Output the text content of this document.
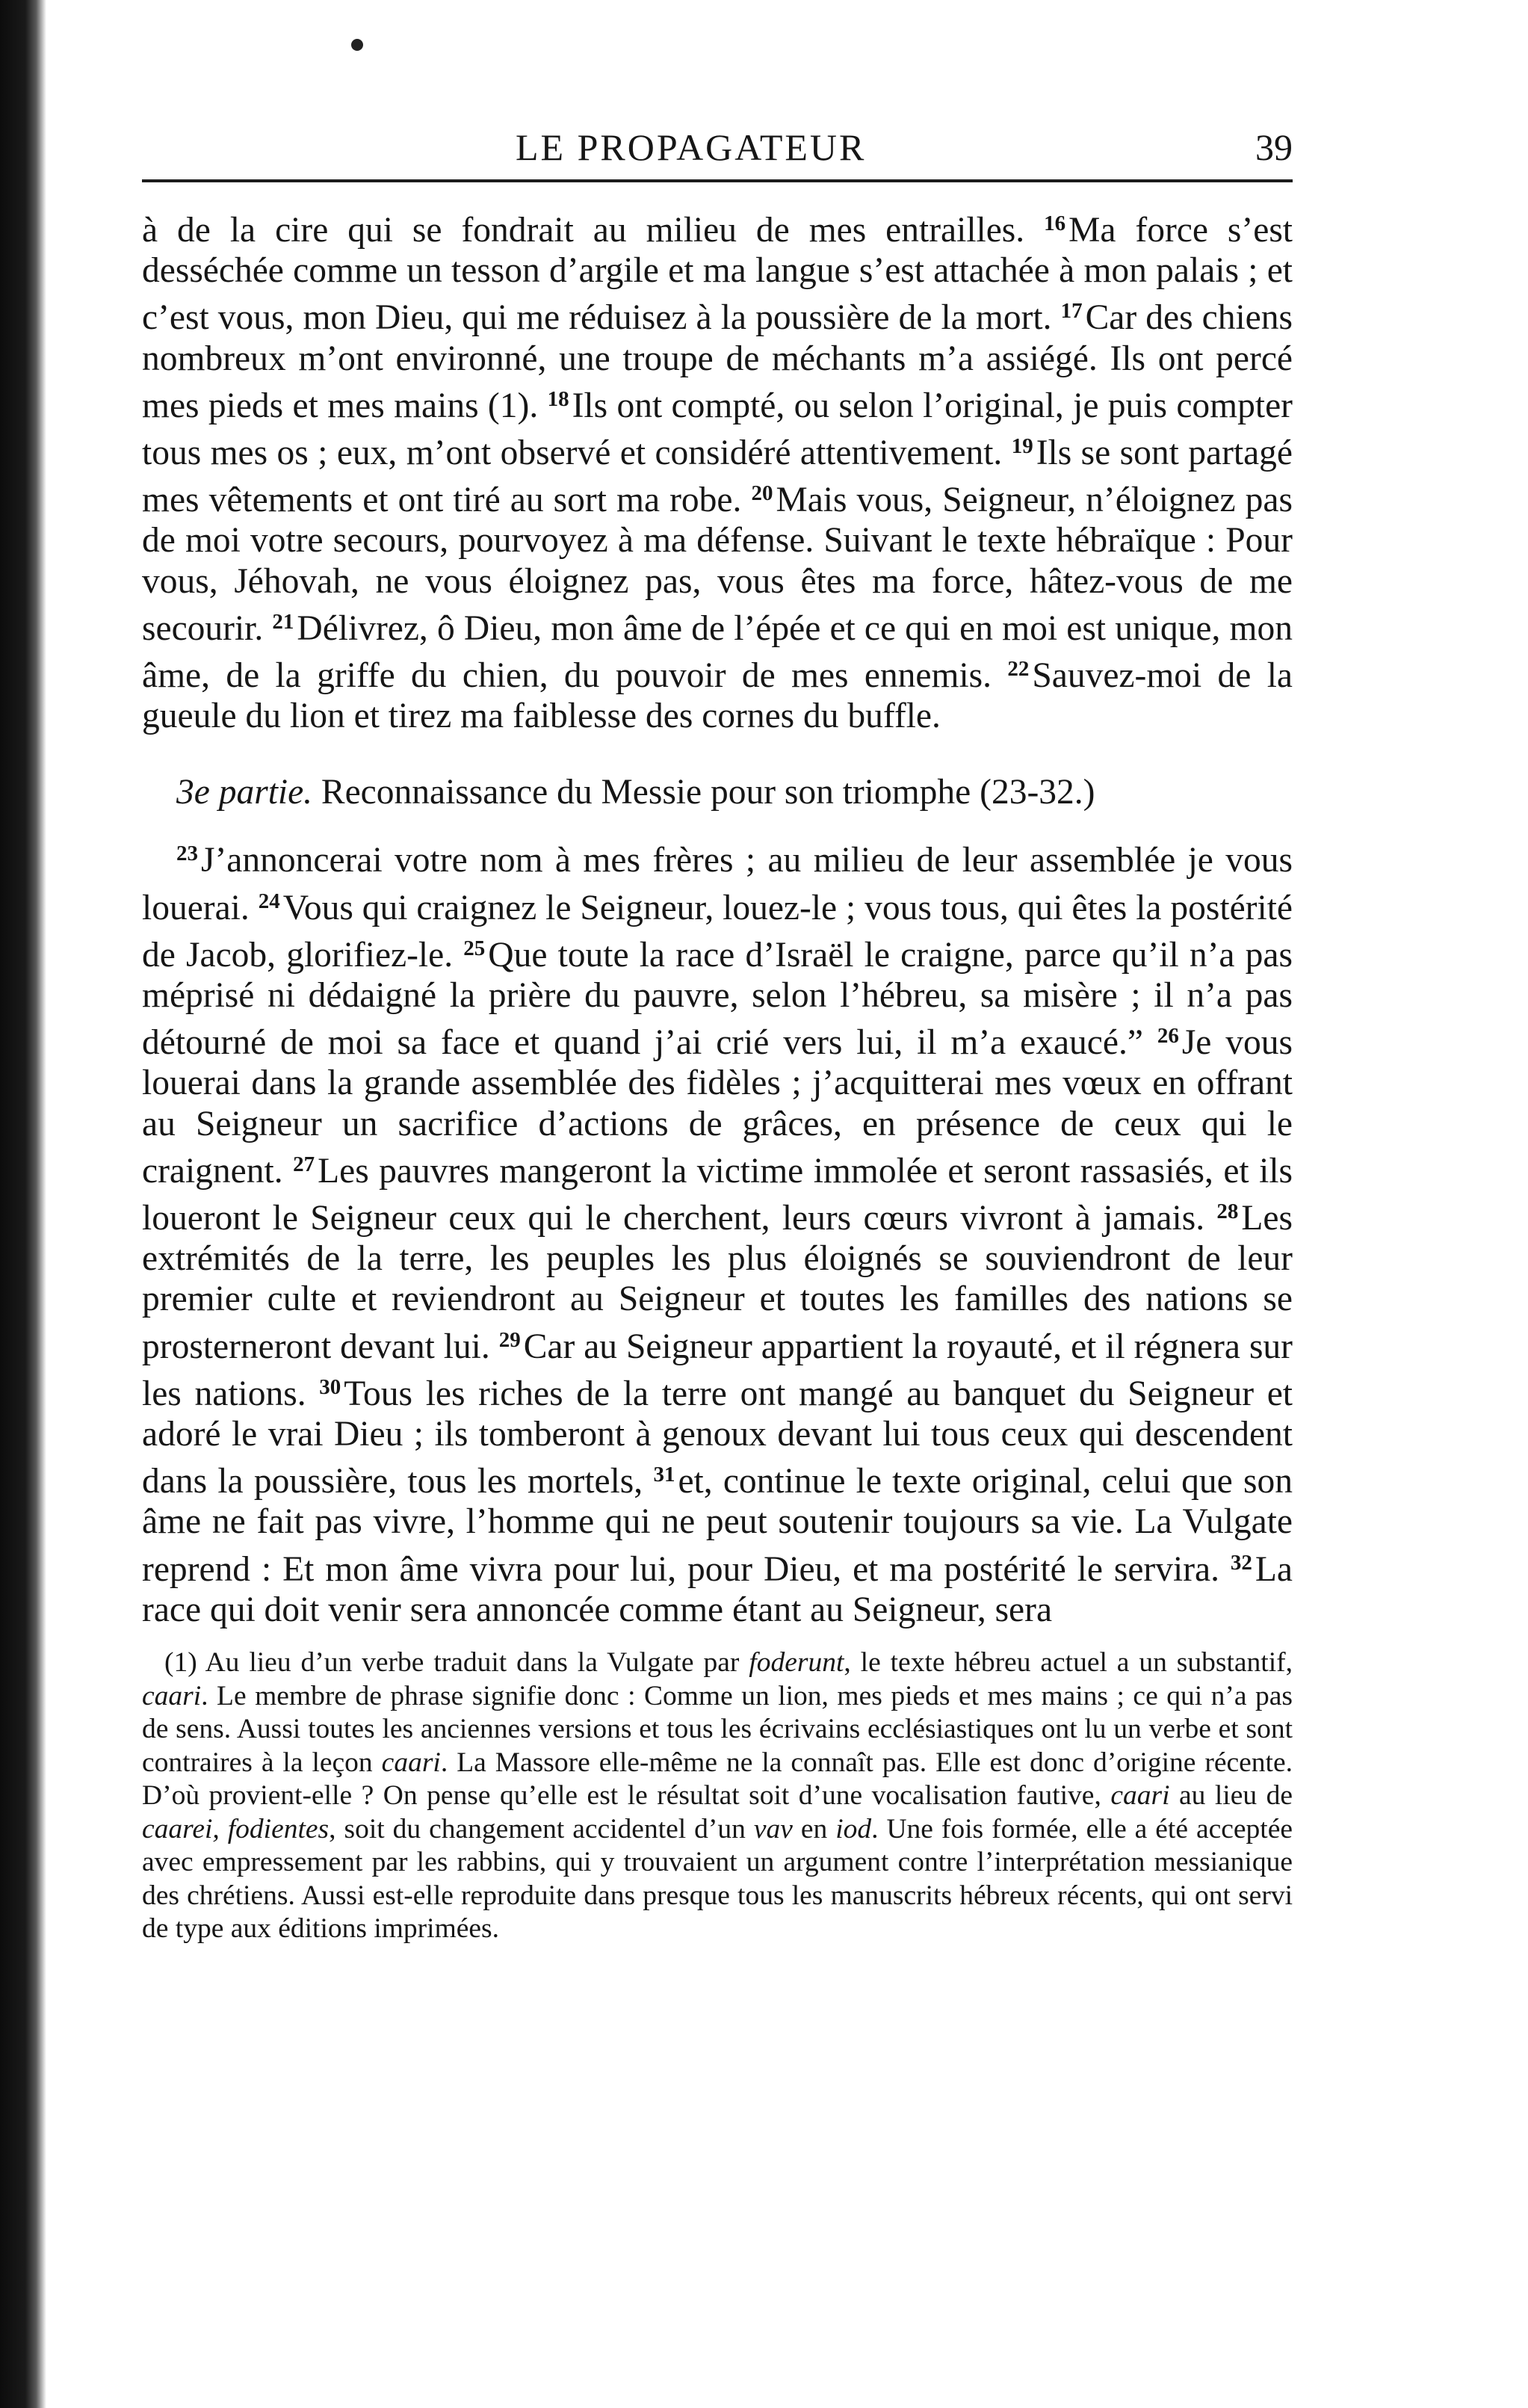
LE PROPAGATEUR	39

à de la cire qui se fondrait au milieu de mes entrailles. $^{16}$Ma force s’est desséchée comme un tesson d’argile et ma langue s’est attachée à mon palais ; et c’est vous, mon Dieu, qui me réduisez à la poussière de la mort. $^{17}$Car des chiens nombreux m’ont environné, une troupe de méchants m’a assiégé. Ils ont percé mes pieds et mes mains (1). $^{18}$Ils ont compté, ou selon l’original, je puis compter tous mes os ; eux, m’ont observé et considéré attentivement. $^{19}$Ils se sont partagé mes vêtements et ont tiré au sort ma robe. $^{20}$Mais vous, Seigneur, n’éloignez pas de moi votre secours, pourvoyez à ma défense. Suivant le texte hébraïque : Pour vous, Jéhovah, ne vous éloignez pas, vous êtes ma force, hâtez-vous de me secourir. $^{21}$Délivrez, ô Dieu, mon âme de l’épée et ce qui en moi est unique, mon âme, de la griffe du chien, du pouvoir de mes ennemis. $^{22}$Sauvez-moi de la gueule du lion et tirez ma faiblesse des cornes du buffle.

3e partie. Reconnaissance du Messie pour son triomphe (23-32.)

$^{23}$J’annoncerai votre nom à mes frères ; au milieu de leur assemblée je vous louerai. $^{24}$Vous qui craignez le Seigneur, louez-le ; vous tous, qui êtes la postérité de Jacob, glorifiez-le. $^{25}$Que toute la race d’Israël le craigne, parce qu’il n’a pas méprisé ni dédaigné la prière du pauvre, selon l’hébreu, sa misère ; il n’a pas détourné de moi sa face et quand j’ai crié vers lui, il m’a exaucé.” $^{26}$Je vous louerai dans la grande assemblée des fidèles ; j’acquitterai mes vœux en offrant au Seigneur un sacrifice d’actions de grâces, en présence de ceux qui le craignent. $^{27}$Les pauvres mangeront la victime immolée et seront rassasiés, et ils loueront le Seigneur ceux qui le cherchent, leurs cœurs vivront à jamais. $^{28}$Les extrémités de la terre, les peuples les plus éloignés se souviendront de leur premier culte et reviendront au Seigneur et toutes les familles des nations se prosterneront devant lui. $^{29}$Car au Seigneur appartient la royauté, et il régnera sur les nations. $^{30}$Tous les riches de la terre ont mangé au banquet du Seigneur et adoré le vrai Dieu ; ils tomberont à genoux devant lui tous ceux qui descendent dans la poussière, tous les mortels, $^{31}$et, continue le texte original, celui que son âme ne fait pas vivre, l’homme qui ne peut soutenir toujours sa vie. La Vulgate reprend : Et mon âme vivra pour lui, pour Dieu, et ma postérité le servira. $^{32}$La race qui doit venir sera annoncée comme étant au Seigneur, sera

(1) Au lieu d’un verbe traduit dans la Vulgate par foderunt, le texte hébreu actuel a un substantif, caari. Le membre de phrase signifie donc : Comme un lion, mes pieds et mes mains ; ce qui n’a pas de sens. Aussi toutes les anciennes versions et tous les écrivains ecclésiastiques ont lu un verbe et sont contraires à la leçon caari. La Massore elle-même ne la connaît pas. Elle est donc d’origine récente. D’où provient-elle ? On pense qu’elle est le résultat soit d’une vocalisation fautive, caari au lieu de caarei, fodientes, soit du changement accidentel d’un vav en iod. Une fois formée, elle a été acceptée avec empressement par les rabbins, qui y trouvaient un argument contre l’interprétation messianique des chrétiens. Aussi est-elle reproduite dans presque tous les manuscrits hébreux récents, qui ont servi de type aux éditions imprimées.
